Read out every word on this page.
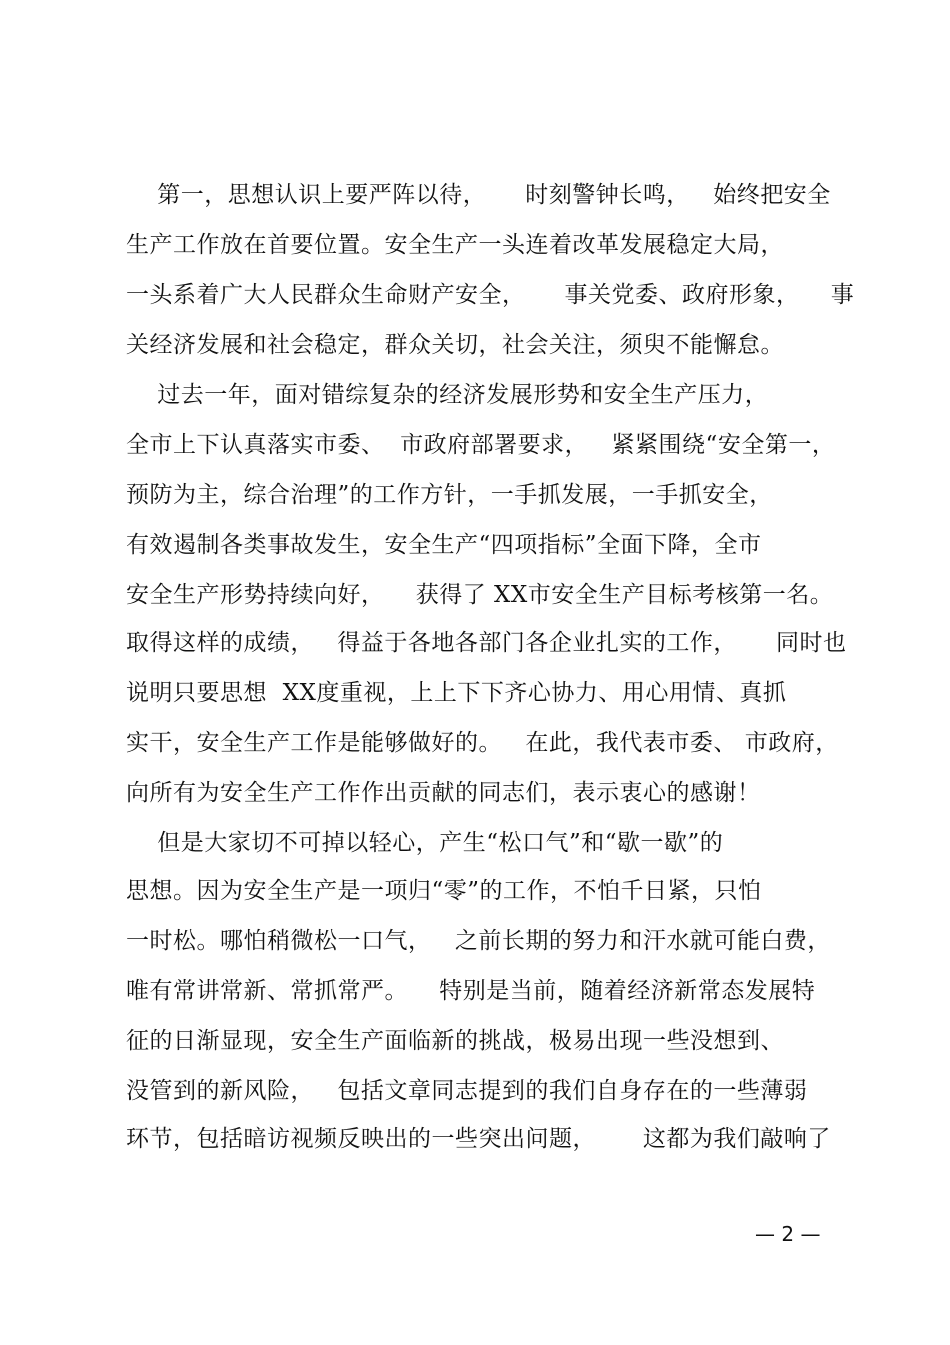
第一，思想认识上要严阵以待，     时刻警钟长鸣，   始终把安全
生产工作放在首要位置。安全生产一头连着改革发展稳定大局，
一头系着广大人民群众生命财产安全，     事关党委、政府形象，    事
关经济发展和社会稳定，群众关切，社会关注，须臾不能懈怠。
过去一年，面对错综复杂的经济发展形势和安全生产压力，
全市上下认真落实市委、  市政府部署要求，   紧紧围绕“安全第一，
预防为主，综合治理”的工作方针，一手抓发展，一手抓安全，
有效遏制各类事故发生，安全生产“四项指标”全面下降，全市
安全生产形势持续向好，    获得了 XX市安全生产目标考核第一名。
取得这样的成绩，   得益于各地各部门各企业扎实的工作，     同时也
说明只要思想  XX度重视，上上下下齐心协力、用心用情、真抓
实干，安全生产工作是能够做好的。   在此，我代表市委、 市政府，
向所有为安全生产工作作出贡献的同志们，表示衷心的感谢！
但是大家切不可掉以轻心，产生“松口气”和“歇一歇”的
思想。因为安全生产是一项归“零”的工作，不怕千日紧，只怕
一时松。哪怕稍微松一口气，   之前长期的努力和汗水就可能白费，
唯有常讲常新、常抓常严。    特别是当前，随着经济新常态发展特
征的日渐显现，安全生产面临新的挑战，极易出现一些没想到、
没管到的新风险，   包括文章同志提到的我们自身存在的一些薄弱
环节，包括暗访视频反映出的一些突出问题，      这都为我们敲响了
— 2 —
